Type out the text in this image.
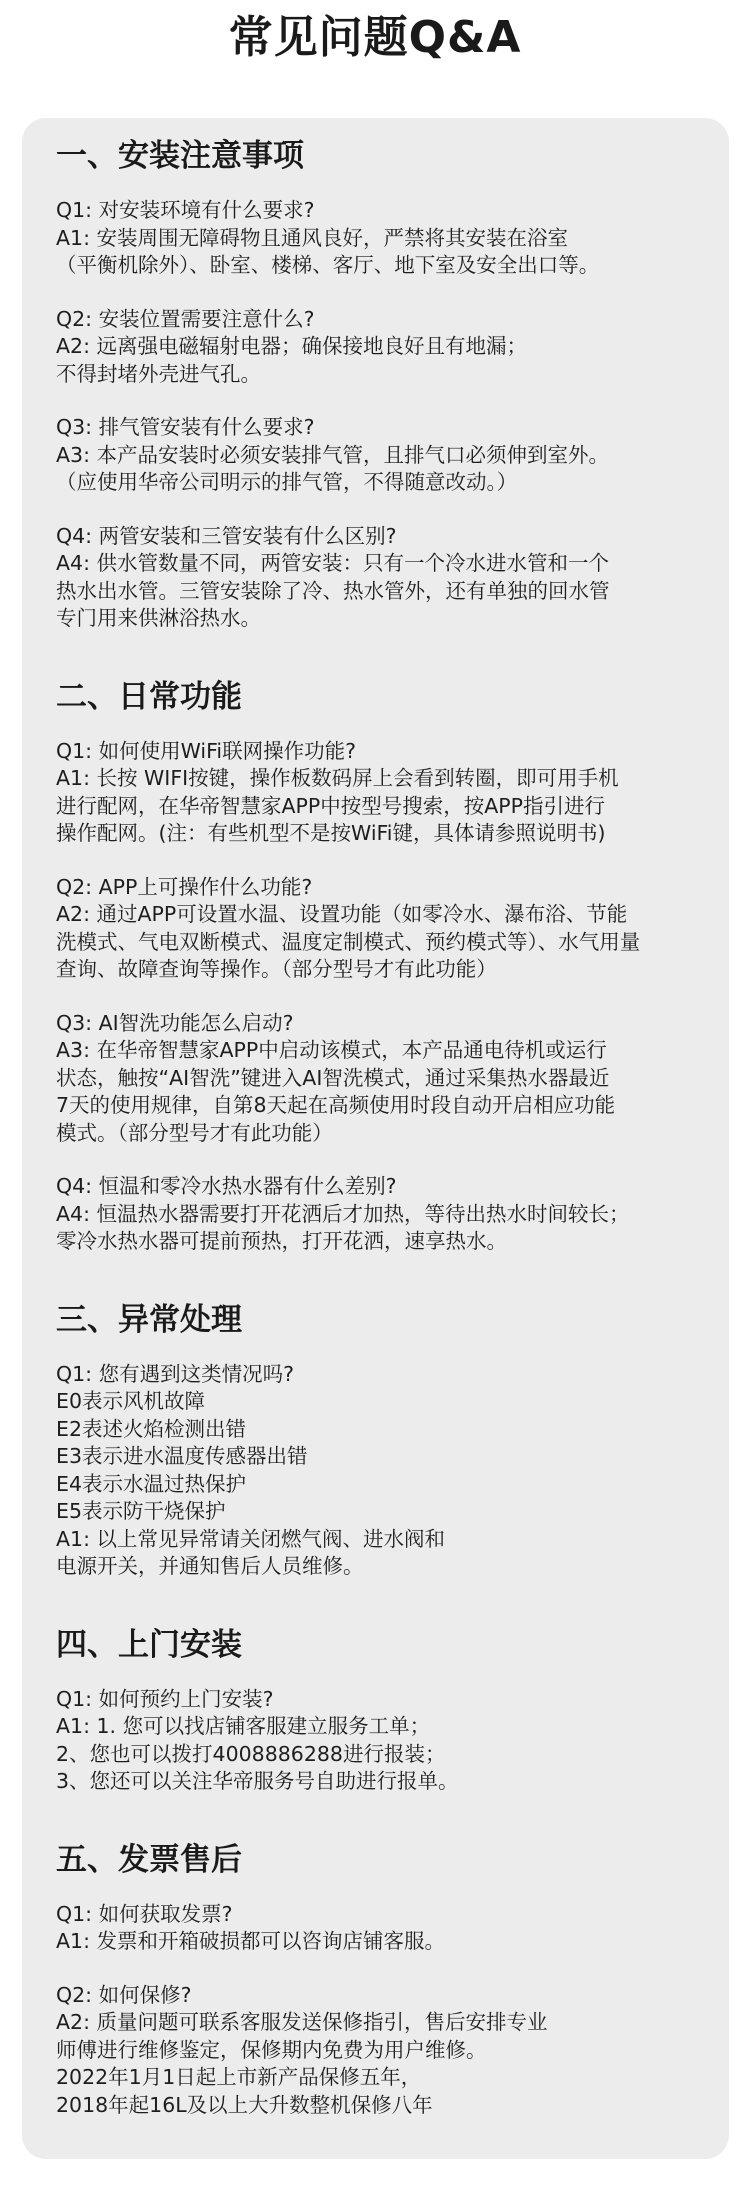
常见问题Q&A
一、安装注意事项
Q1: 对安装环境有什么要求?
A1: 安装周围无障碍物且通风良好，严禁将其安装在浴室
（平衡机除外）、卧室、楼梯、客厅、地下室及安全出口等。
Q2: 安装位置需要注意什么?
A2: 远离强电磁辐射电器；确保接地良好且有地漏；
不得封堵外壳进气孔。
Q3: 排气管安装有什么要求?
A3: 本产品安装时必须安装排气管，且排气口必须伸到室外。
（应使用华帝公司明示的排气管，不得随意改动。）
Q4: 两管安装和三管安装有什么区别?
A4: 供水管数量不同，两管安装：只有一个冷水进水管和一个
热水出水管。三管安装除了冷、热水管外，还有单独的回水管
专门用来供淋浴热水。
二、日常功能
Q1: 如何使用WiFi联网操作功能?
A1: 长按 WIFI按键，操作板数码屏上会看到转圈，即可用手机
进行配网，在华帝智慧家APP中按型号搜索，按APP指引进行
操作配网。(注：有些机型不是按WiFi键，具体请参照说明书)
Q2: APP上可操作什么功能?
A2: 通过APP可设置水温、设置功能（如零冷水、瀑布浴、节能
洗模式、气电双断模式、温度定制模式、预约模式等）、水气用量
查询、故障查询等操作。（部分型号才有此功能）
Q3: AI智洗功能怎么启动?
A3: 在华帝智慧家APP中启动该模式，本产品通电待机或运行
状态，触按“AI智洗”键进入AI智洗模式，通过采集热水器最近
7天的使用规律，自第8天起在高频使用时段自动开启相应功能
模式。（部分型号才有此功能）
Q4: 恒温和零冷水热水器有什么差别?
A4: 恒温热水器需要打开花洒后才加热，等待出热水时间较长；
零冷水热水器可提前预热，打开花洒，速享热水。
三、异常处理
Q1: 您有遇到这类情况吗?
E0表示风机故障
E2表述火焰检测出错
E3表示进水温度传感器出错
E4表示水温过热保护
E5表示防干烧保护
A1: 以上常见异常请关闭燃气阀、进水阀和
电源开关，并通知售后人员维修。
四、上门安装
Q1: 如何预约上门安装?
A1: 1. 您可以找店铺客服建立服务工单；
2、您也可以拨打4008886288进行报装；
3、您还可以关注华帝服务号自助进行报单。
五、发票售后
Q1: 如何获取发票?
A1: 发票和开箱破损都可以咨询店铺客服。
Q2: 如何保修?
A2: 质量问题可联系客服发送保修指引，售后安排专业
师傅进行维修鉴定，保修期内免费为用户维修。
2022年1月1日起上市新产品保修五年，
2018年起16L及以上大升数整机保修八年
